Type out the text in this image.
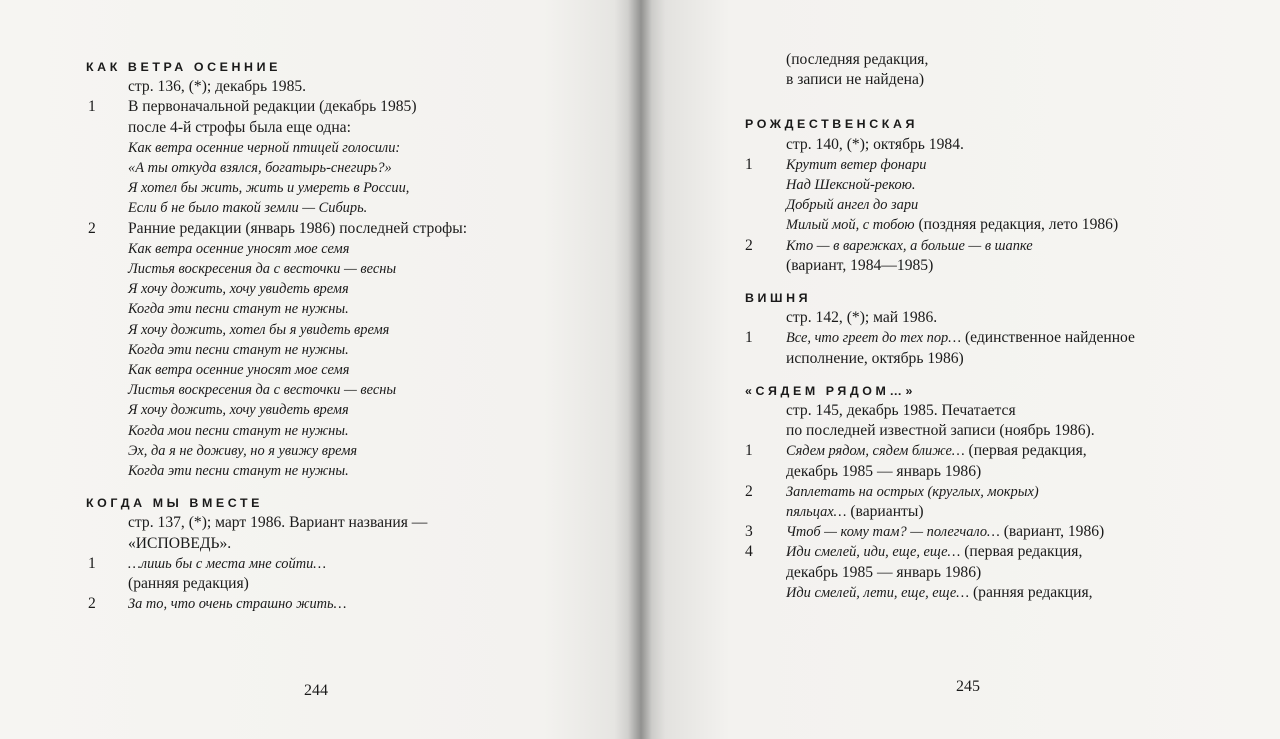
КАК ВЕТРА ОСЕННИЕ
стр. 136, (*); декабрь 1985.
1 В первоначальной редакции (декабрь 1985)
после 4-й строфы была еще одна:
Как ветра осенние черной птицей голосили:
«А ты откуда взялся, богатырь-снегирь?»
Я хотел бы жить, жить и умереть в России,
Если б не было такой земли — Сибирь.
2 Ранние редакции (январь 1986) последней строфы:
Как ветра осенние уносят мое семя
Листья воскресения да с весточки — весны
Я хочу дожить, хочу увидеть время
Когда эти песни станут не нужны.
Я хочу дожить, хотел бы я увидеть время
Когда эти песни станут не нужны.
Как ветра осенние уносят мое семя
Листья воскресения да с весточки — весны
Я хочу дожить, хочу увидеть время
Когда мои песни станут не нужны.
Эх, да я не доживу, но я увижу время
Когда эти песни станут не нужны.
КОГДА МЫ ВМЕСТЕ
стр. 137, (*); март 1986. Вариант названия —
«ИСПОВЕДЬ».
1 …лишь бы с места мне сойти…
(ранняя редакция)
2 За то, что очень страшно жить…
(последняя редакция,
в записи не найдена)
РОЖДЕСТВЕНСКАЯ
стр. 140, (*); октябрь 1984.
1 Крутит ветер фонари
Над Шексной-рекою.
Добрый ангел до зари
Милый мой, с тобою (поздняя редакция, лето 1986)
2 Кто — в варежках, а больше — в шапке
(вариант, 1984—1985)
ВИШНЯ
стр. 142, (*); май 1986.
1 Все, что греет до тех пор… (единственное найденное
исполнение, октябрь 1986)
«СЯДЕМ РЯДОМ…»
стр. 145, декабрь 1985. Печатается
по последней известной записи (ноябрь 1986).
1 Сядем рядом, сядем ближе… (первая редакция,
декабрь 1985 — январь 1986)
2 Заплетать на острых (круглых, мокрых)
пяльцах… (варианты)
3 Чтоб — кому там? — полегчало… (вариант, 1986)
4 Иди смелей, иди, еще, еще… (первая редакция,
декабрь 1985 — январь 1986)
Иди смелей, лети, еще, еще… (ранняя редакция,
244	245
